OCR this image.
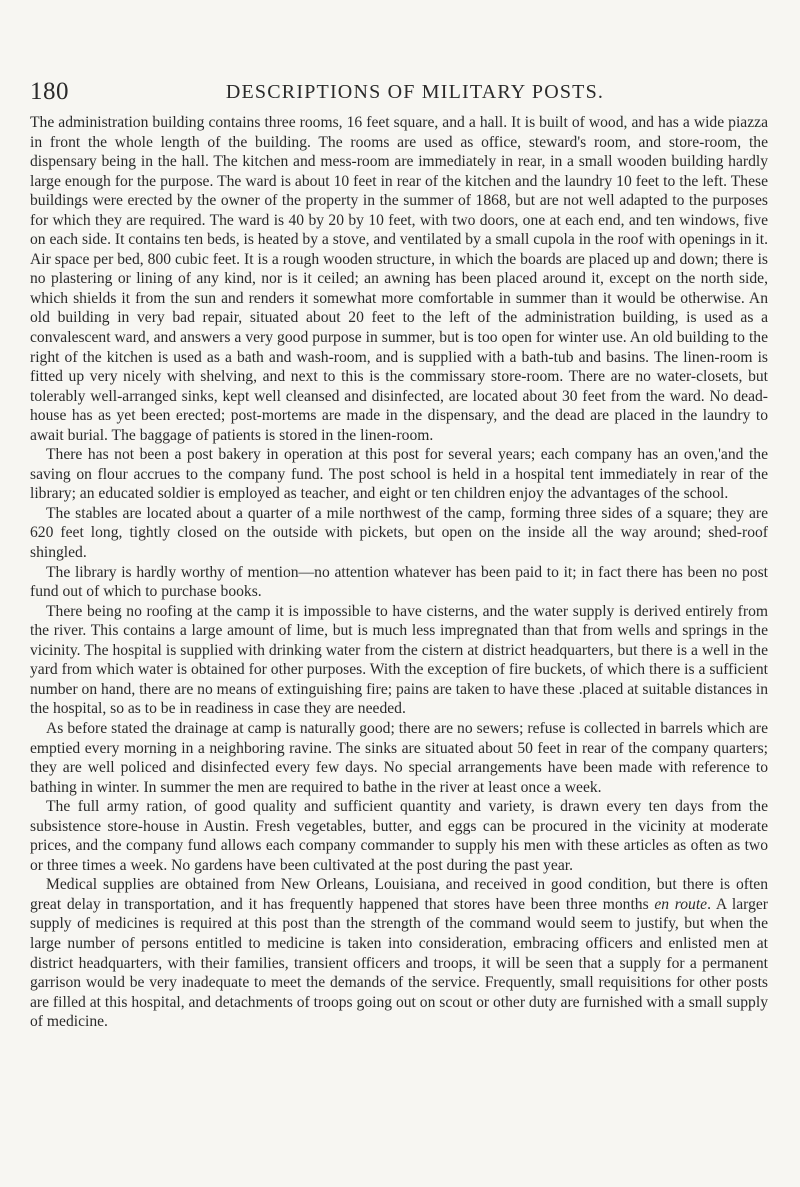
180	DESCRIPTIONS OF MILITARY POSTS.

The administration building contains three rooms, 16 feet square, and a hall. It is built of wood, and has a wide piazza in front the whole length of the building. The rooms are used as office, steward's room, and store-room, the dispensary being in the hall. The kitchen and mess-room are immediately in rear, in a small wooden building hardly large enough for the purpose. The ward is about 10 feet in rear of the kitchen and the laundry 10 feet to the left. These buildings were erected by the owner of the property in the summer of 1868, but are not well adapted to the purposes for which they are required. The ward is 40 by 20 by 10 feet, with two doors, one at each end, and ten windows, five on each side. It contains ten beds, is heated by a stove, and ventilated by a small cupola in the roof with openings in it. Air space per bed, 800 cubic feet. It is a rough wooden structure, in which the boards are placed up and down; there is no plastering or lining of any kind, nor is it ceiled; an awning has been placed around it, except on the north side, which shields it from the sun and renders it somewhat more comfortable in summer than it would be otherwise. An old building in very bad repair, situated about 20 feet to the left of the administration building, is used as a convalescent ward, and answers a very good purpose in summer, but is too open for winter use. An old building to the right of the kitchen is used as a bath and wash-room, and is supplied with a bath-tub and basins. The linen-room is fitted up very nicely with shelving, and next to this is the commissary store-room. There are no water-closets, but tolerably well-arranged sinks, kept well cleansed and disinfected, are located about 30 feet from the ward. No dead-house has as yet been erected; post-mortems are made in the dispensary, and the dead are placed in the laundry to await burial. The baggage of patients is stored in the linen-room.

There has not been a post bakery in operation at this post for several years; each company has an oven,'and the saving on flour accrues to the company fund. The post school is held in a hospital tent immediately in rear of the library; an educated soldier is employed as teacher, and eight or ten children enjoy the advantages of the school.

The stables are located about a quarter of a mile northwest of the camp, forming three sides of a square; they are 620 feet long, tightly closed on the outside with pickets, but open on the inside all the way around; shed-roof shingled.

The library is hardly worthy of mention—no attention whatever has been paid to it; in fact there has been no post fund out of which to purchase books.

There being no roofing at the camp it is impossible to have cisterns, and the water supply is derived entirely from the river. This contains a large amount of lime, but is much less impregnated than that from wells and springs in the vicinity. The hospital is supplied with drinking water from the cistern at district headquarters, but there is a well in the yard from which water is obtained for other purposes. With the exception of fire buckets, of which there is a sufficient number on hand, there are no means of extinguishing fire; pains are taken to have these .placed at suitable distances in the hospital, so as to be in readiness in case they are needed.

As before stated the drainage at camp is naturally good; there are no sewers; refuse is collected in barrels which are emptied every morning in a neighboring ravine. The sinks are situated about 50 feet in rear of the company quarters; they are well policed and disinfected every few days. No special arrangements have been made with reference to bathing in winter. In summer the men are required to bathe in the river at least once a week.

The full army ration, of good quality and sufficient quantity and variety, is drawn every ten days from the subsistence store-house in Austin. Fresh vegetables, butter, and eggs can be procured in the vicinity at moderate prices, and the company fund allows each company commander to supply his men with these articles as often as two or three times a week. No gardens have been cultivated at the post during the past year.

Medical supplies are obtained from New Orleans, Louisiana, and received in good condition, but there is often great delay in transportation, and it has frequently happened that stores have been three months en route. A larger supply of medicines is required at this post than the strength of the command would seem to justify, but when the large number of persons entitled to medicine is taken into consideration, embracing officers and enlisted men at district headquarters, with their families, transient officers and troops, it will be seen that a supply for a permanent garrison would be very inadequate to meet the demands of the service. Frequently, small requisitions for other posts are filled at this hospital, and detachments of troops going out on scout or other duty are furnished with a small supply of medicine.
